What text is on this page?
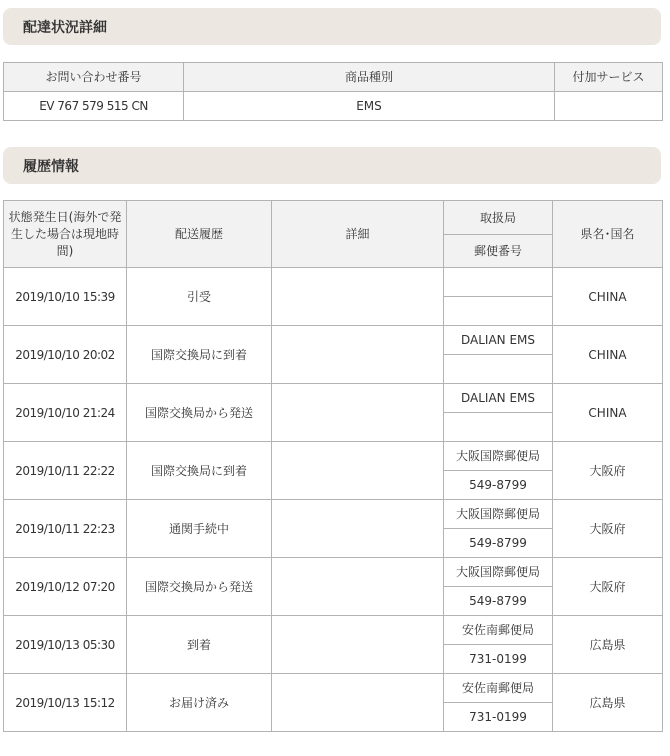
配達状況詳細
お問い合わせ番号	商品種別	付加サービス
EV 767 579 515 CN	EMS	
履歴情報
状態発生日(海外で発生した場合は現地時間)	配送履歴	詳細	取扱局	県名･国名
			郵便番号	
2019/10/10 15:39	引受			CHINA

2019/10/10 20:02	国際交換局に到着		DALIAN EMS	CHINA

2019/10/10 21:24	国際交換局から発送		DALIAN EMS	CHINA

2019/10/11 22:22	国際交換局に到着		大阪国際郵便局	大阪府
			549-8799	
2019/10/11 22:23	通関手続中		大阪国際郵便局	大阪府
			549-8799	
2019/10/12 07:20	国際交換局から発送		大阪国際郵便局	大阪府
			549-8799	
2019/10/13 05:30	到着		安佐南郵便局	広島県
			731-0199	
2019/10/13 15:12	お届け済み		安佐南郵便局	広島県
			731-0199	
